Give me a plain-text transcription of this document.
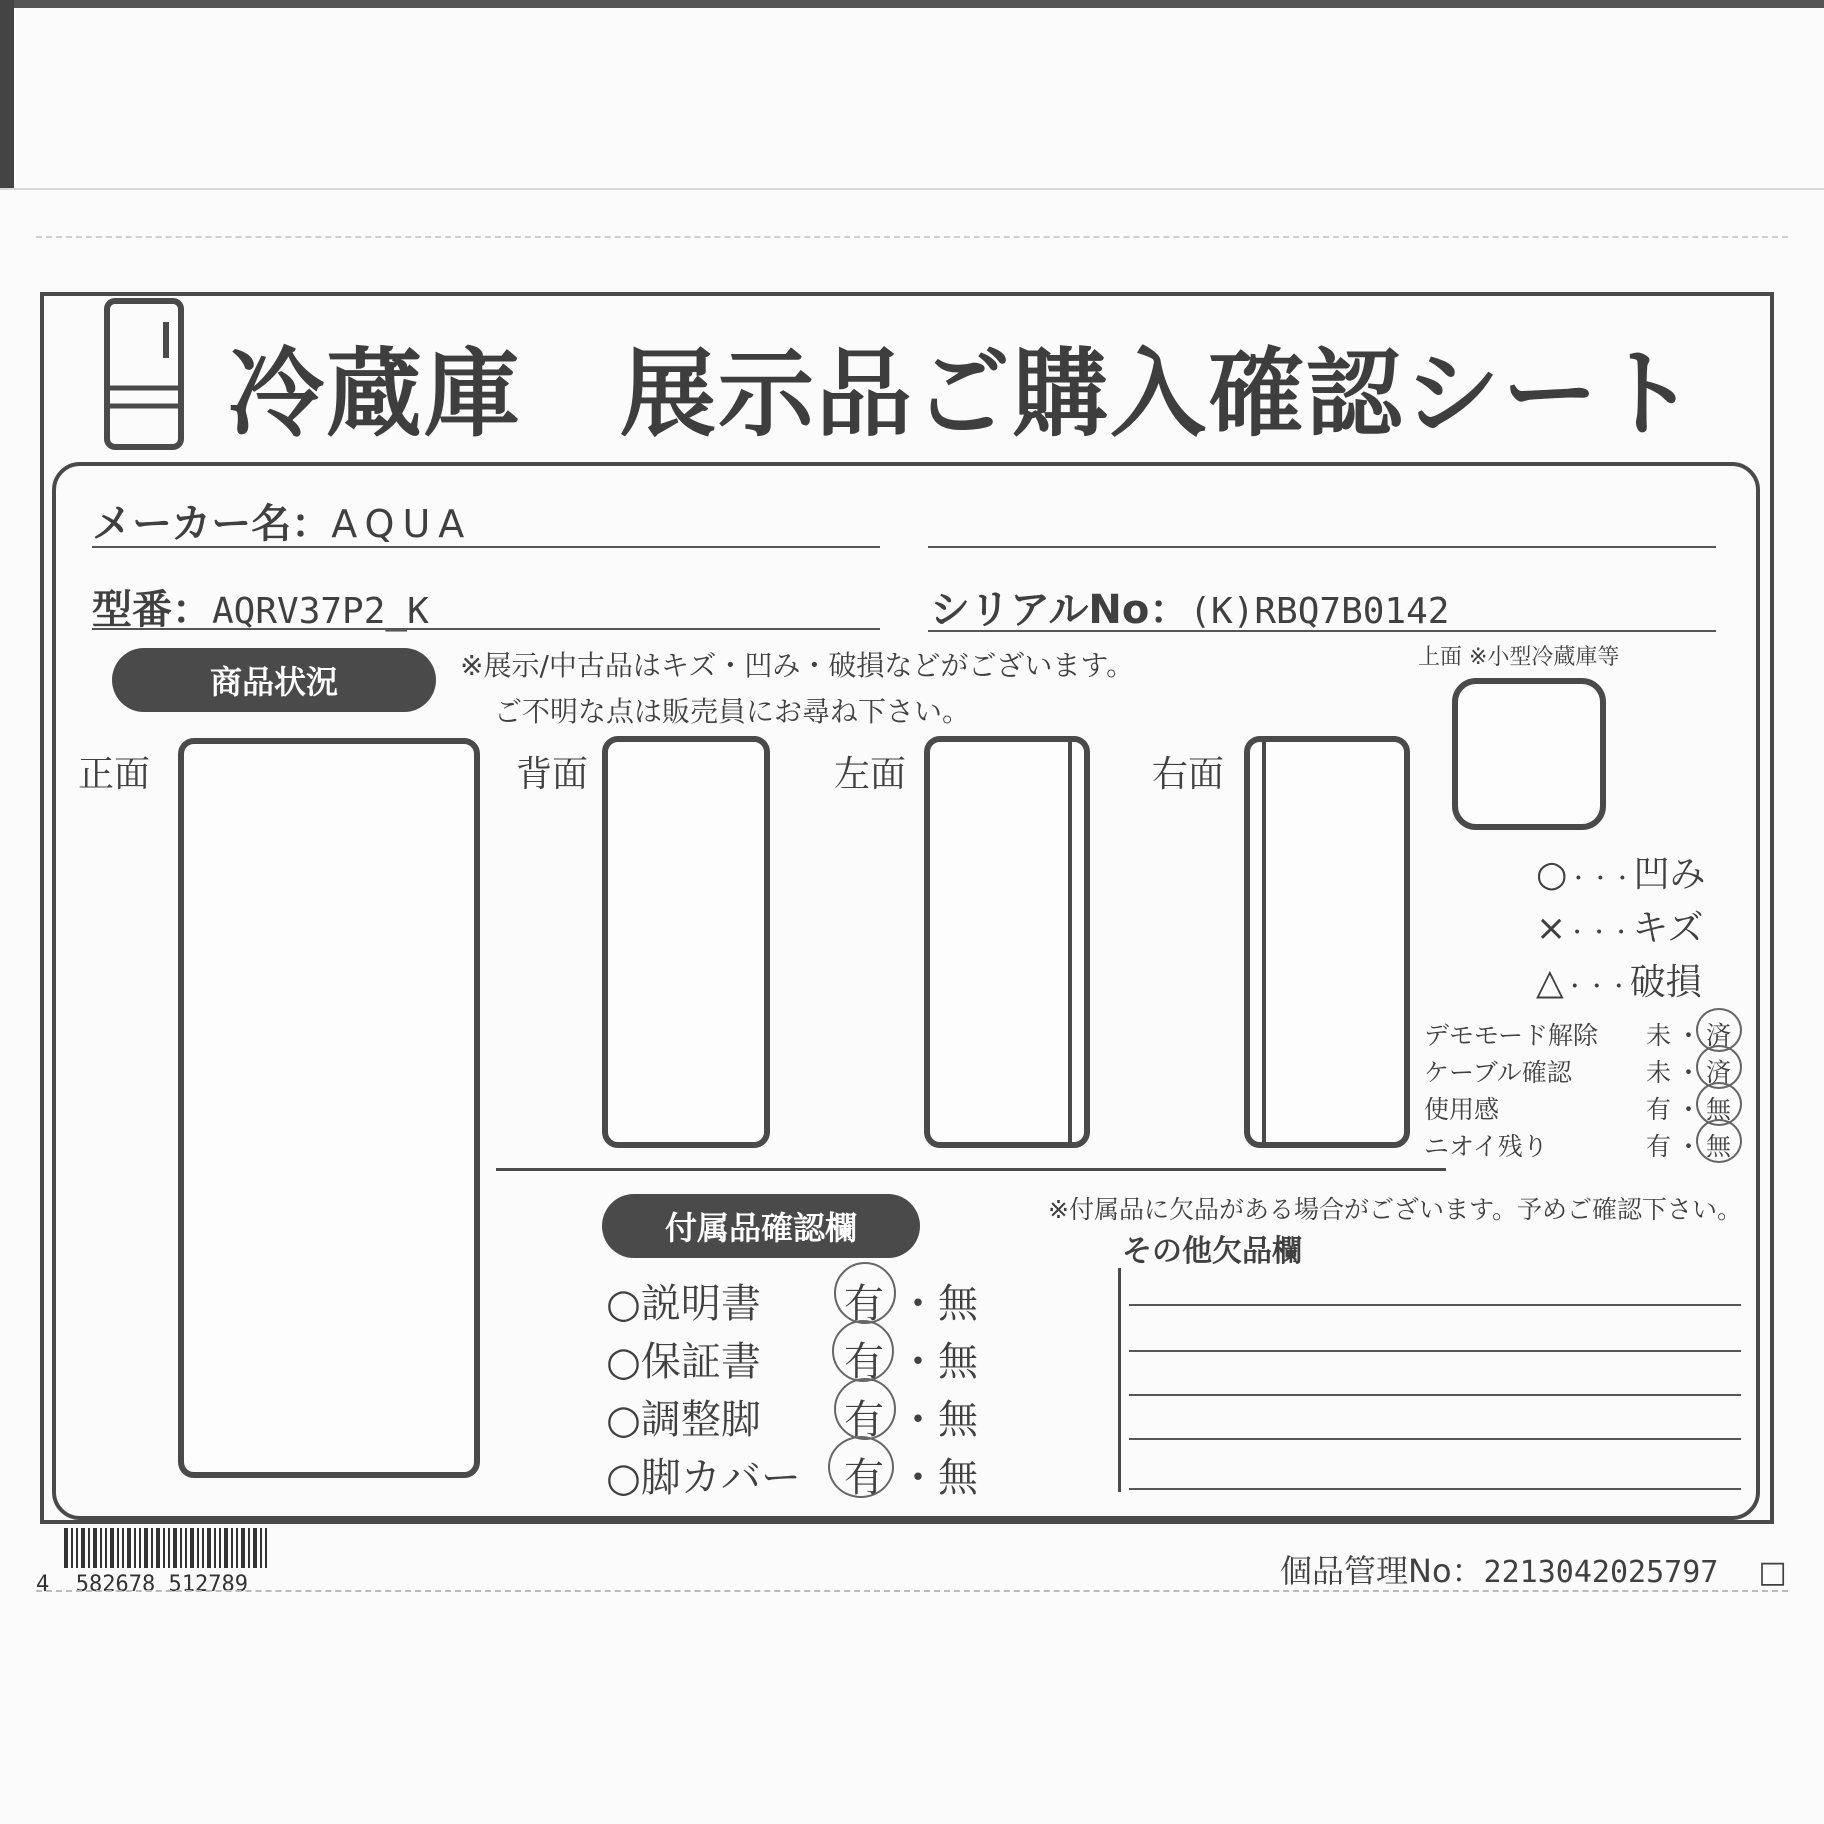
冷蔵庫　展示品ご購入確認シート
メーカー名： AQUA
型番： AQRV37P2_K	シリアルNo： (K)RBQ7B0142
商品状況	※展示/中古品はキズ・凹み・破損などがございます。
ご不明な点は販売員にお尋ね下さい。
上面 ※小型冷蔵庫等
正面	背面	左面	右面
○・・・凹み
×・・・キズ
△・・・破損
デモモード解除 未 ・ 済
ケーブル確認	未 ・ 済
使用感	有 ・ 無
ニオイ残り	有 ・ 無
付属品確認欄	※付属品に欠品がある場合がございます。予めご確認下さい。
○説明書 有 ・ 無
○保証書 有 ・ 無
○調整脚 有 ・ 無
○脚カバー 有 ・ 無
その他欠品欄
4 582678 512789	個品管理No： 2213042025797 □
